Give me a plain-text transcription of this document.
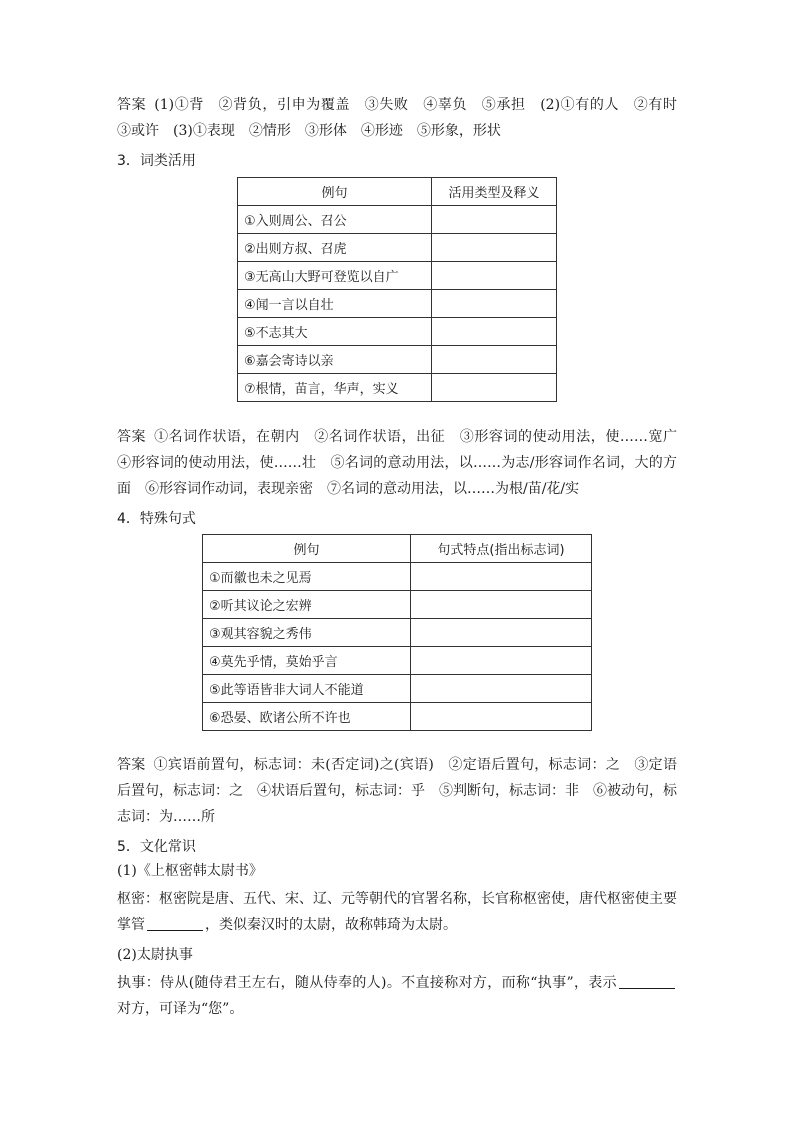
答案 (1)①背　②背负，引申为覆盖　③失败　④辜负　⑤承担　(2)①有的人　②有时　③或许　(3)①表现　②情形　③形体　④形迹　⑤形象，形状
3．词类活用
例句	活用类型及释义
①入则周公、召公	
②出则方叔、召虎	
③无高山大野可登览以自广	
④闻一言以自壮	
⑤不志其大	
⑥嘉会寄诗以亲	
⑦根情，苗言，华声，实义	
答案 ①名词作状语，在朝内　②名词作状语，出征　③形容词的使动用法，使……宽广　④形容词的使动用法，使……壮　⑤名词的意动用法，以……为志/形容词作名词，大的方面　⑥形容词作动词，表现亲密　⑦名词的意动用法，以……为根/苗/花/实
4．特殊句式
例句	句式特点(指出标志词)
①而徽也未之见焉	
②听其议论之宏辨	
③观其容貌之秀伟	
④莫先乎情，莫始乎言	
⑤此等语皆非大词人不能道	
⑥恐晏、欧诸公所不许也	
答案 ①宾语前置句，标志词：未(否定词)之(宾语)　②定语后置句，标志词：之　③定语后置句，标志词：之　④状语后置句，标志词：乎　⑤判断句，标志词：非　⑥被动句，标志词：为……所
5．文化常识
(1)《上枢密韩太尉书》
枢密：枢密院是唐、五代、宋、辽、元等朝代的官署名称，长官称枢密使，唐代枢密使主要掌管	，类似秦汉时的太尉，故称韩琦为太尉。
(2)太尉执事
执事：侍从(随侍君王左右，随从侍奉的人)。不直接称对方，而称“执事”，表示对方，可译为“您”。
